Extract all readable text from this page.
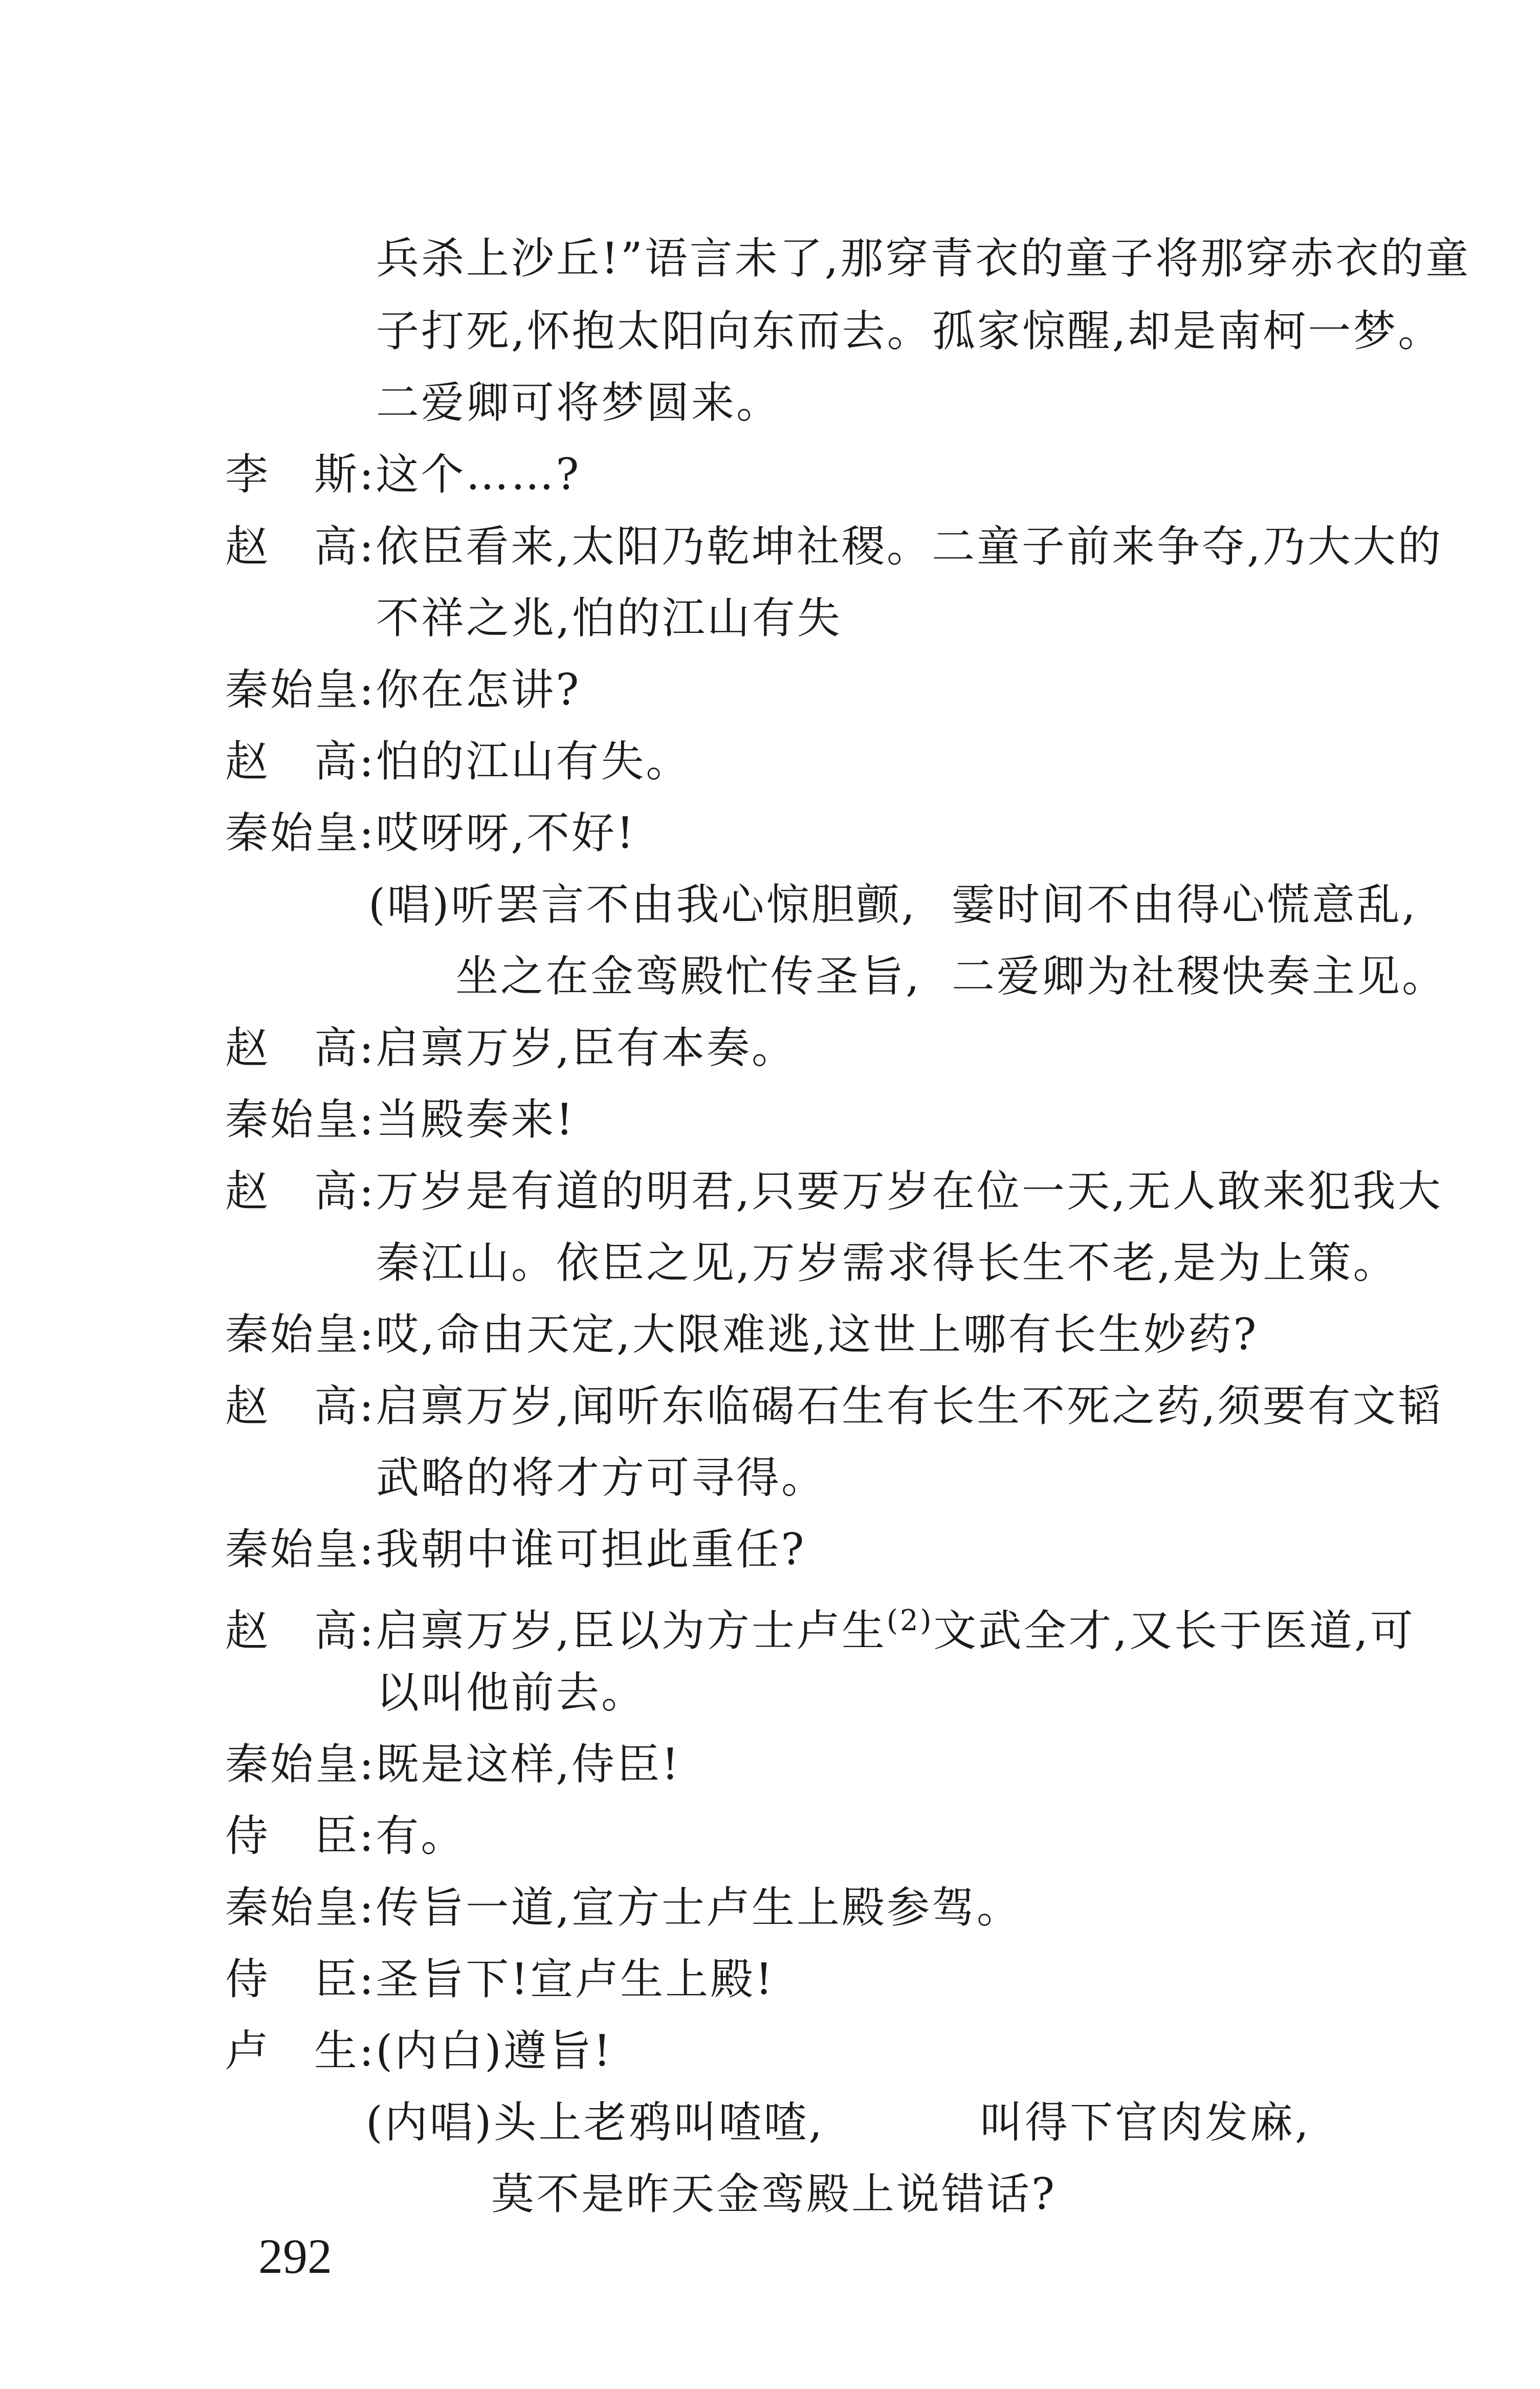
兵杀上沙丘!”语言未了,那穿青衣的童子将那穿赤衣的童
子打死,怀抱太阳向东而去。孤家惊醒,却是南柯一梦。
二爱卿可将梦圆来。
李 斯:这个……?
赵 高:依臣看来,太阳乃乾坤社稷。二童子前来争夺,乃大大的
不祥之兆,怕的江山有失
秦始皇:你在怎讲?
赵 高:怕的江山有失。
秦始皇:哎呀呀,不好!
(唱)听罢言不由我心惊胆颤, 霎时间不由得心慌意乱,
坐之在金鸾殿忙传圣旨, 二爱卿为社稷快奏主见。
赵 高:启禀万岁,臣有本奏。
秦始皇:当殿奏来!
赵 高:万岁是有道的明君,只要万岁在位一天,无人敢来犯我大
秦江山。依臣之见,万岁需求得长生不老,是为上策。
秦始皇:哎,命由天定,大限难逃,这世上哪有长生妙药?
赵 高:启禀万岁,闻听东临碣石生有长生不死之药,须要有文韬
武略的将才方可寻得。
秦始皇:我朝中谁可担此重任?
赵 高:启禀万岁,臣以为方士卢生$^{(2)}$文武全才,又长于医道,可
以叫他前去。
秦始皇:既是这样,侍臣!
侍 臣:有。
秦始皇:传旨一道,宣方士卢生上殿参驾。
侍 臣:圣旨下!宣卢生上殿!
卢 生:(内白)遵旨!
(内唱)头上老鸦叫喳喳,	叫得下官肉发麻,
莫不是昨天金鸾殿上说错话?
292
